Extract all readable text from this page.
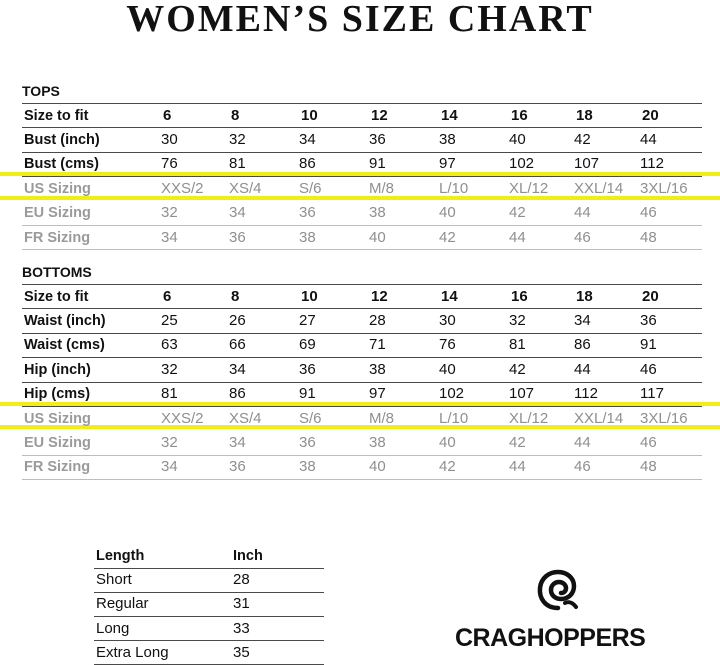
WOMEN’S SIZE CHART
TOPS
Size to fit	6	8	10	12	14	16	18	20
Bust (inch)	30	32	34	36	38	40	42	44
Bust (cms)	76	81	86	91	97	102	107	112
US Sizing	XXS/2	XS/4	S/6	M/8	L/10	XL/12	XXL/14	3XL/16
EU Sizing	32	34	36	38	40	42	44	46
FR Sizing	34	36	38	40	42	44	46	48
BOTTOMS
Size to fit	6	8	10	12	14	16	18	20
Waist (inch)	25	26	27	28	30	32	34	36
Waist (cms)	63	66	69	71	76	81	86	91
Hip (inch)	32	34	36	38	40	42	44	46
Hip (cms)	81	86	91	97	102	107	112	117
US Sizing	XXS/2	XS/4	S/6	M/8	L/10	XL/12	XXL/14	3XL/16
EU Sizing	32	34	36	38	40	42	44	46
FR Sizing	34	36	38	40	42	44	46	48
Length	Inch
Short	28
Regular	31
Long	33
Extra Long	35
CRAGHOPPERS
